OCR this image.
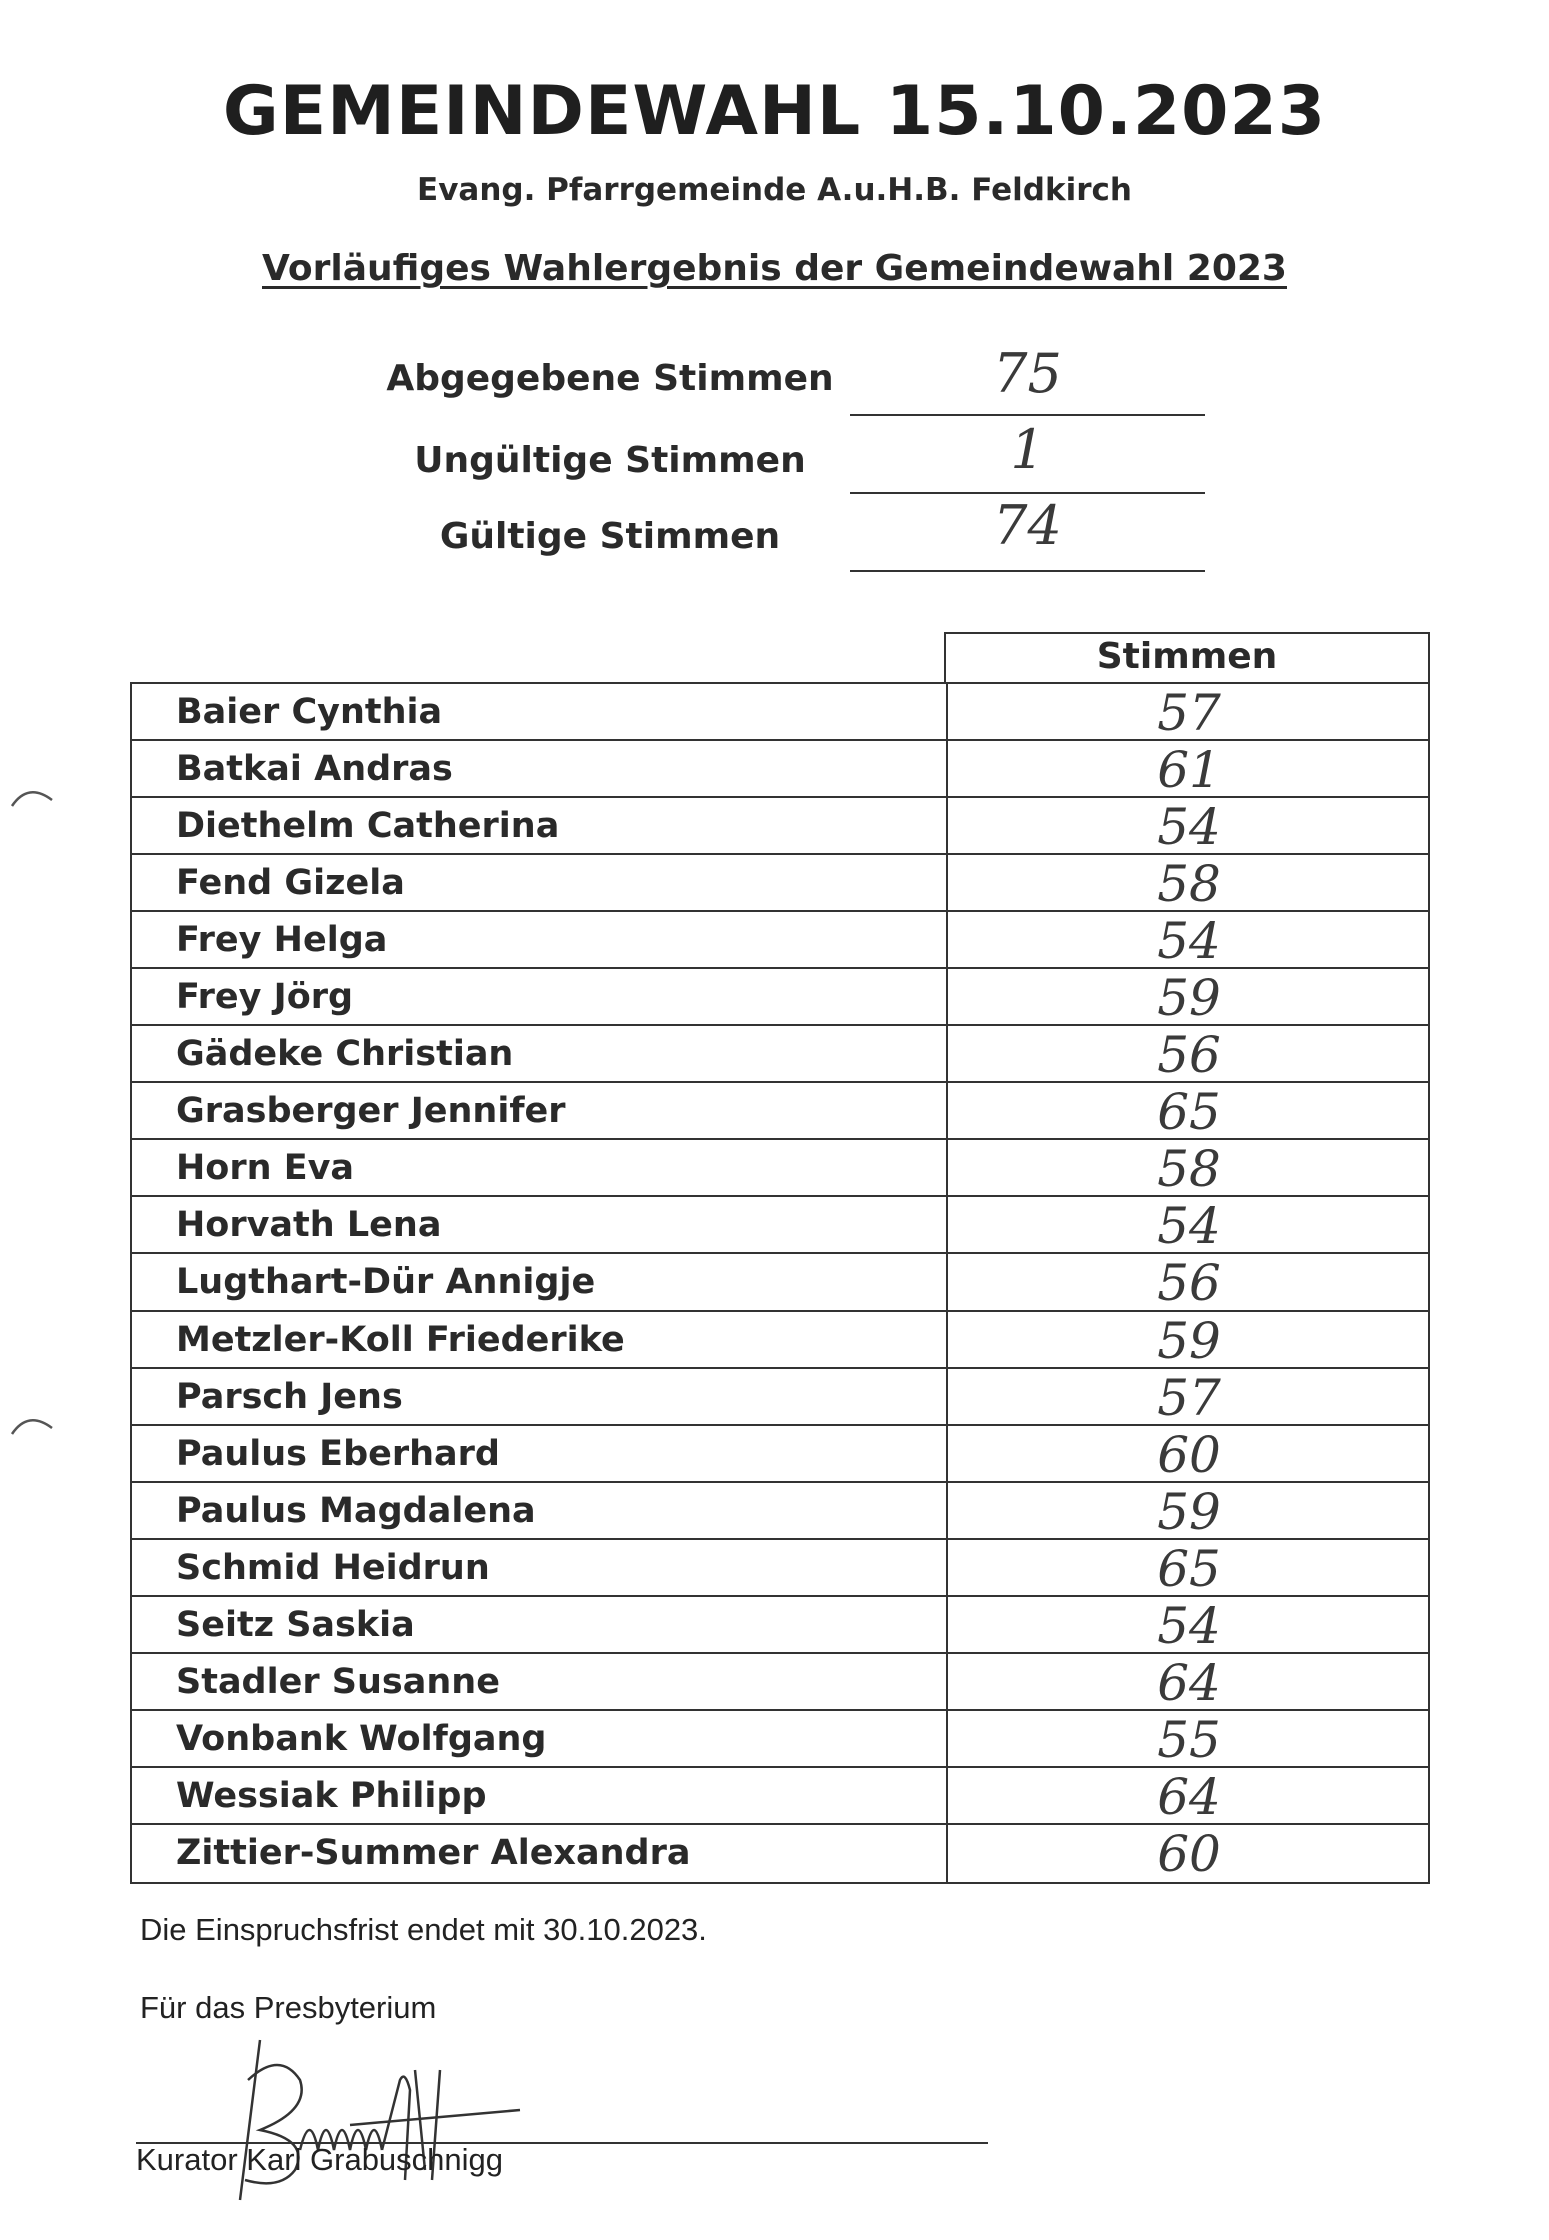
GEMEINDEWAHL 15.10.2023
Evang. Pfarrgemeinde A.u.H.B. Feldkirch
Vorläufiges Wahlergebnis der Gemeindewahl 2023
Abgegebene Stimmen	75
Ungültige Stimmen	1
Gültige Stimmen	74
Stimmen
Baier Cynthia	57
Batkai Andras	61
Diethelm Catherina	54
Fend Gizela	58
Frey Helga	54
Frey Jörg	59
Gädeke Christian	56
Grasberger Jennifer	65
Horn Eva	58
Horvath Lena	54
Lugthart-Dür Annigje	56
Metzler-Koll Friederike	59
Parsch Jens	57
Paulus Eberhard	60
Paulus Magdalena	59
Schmid Heidrun	65
Seitz Saskia	54
Stadler Susanne	64
Vonbank Wolfgang	55
Wessiak Philipp	64
Zittier-Summer Alexandra	60
Die Einspruchsfrist endet mit 30.10.2023.
Für das Presbyterium
Kurator Karl Grabuschnigg
